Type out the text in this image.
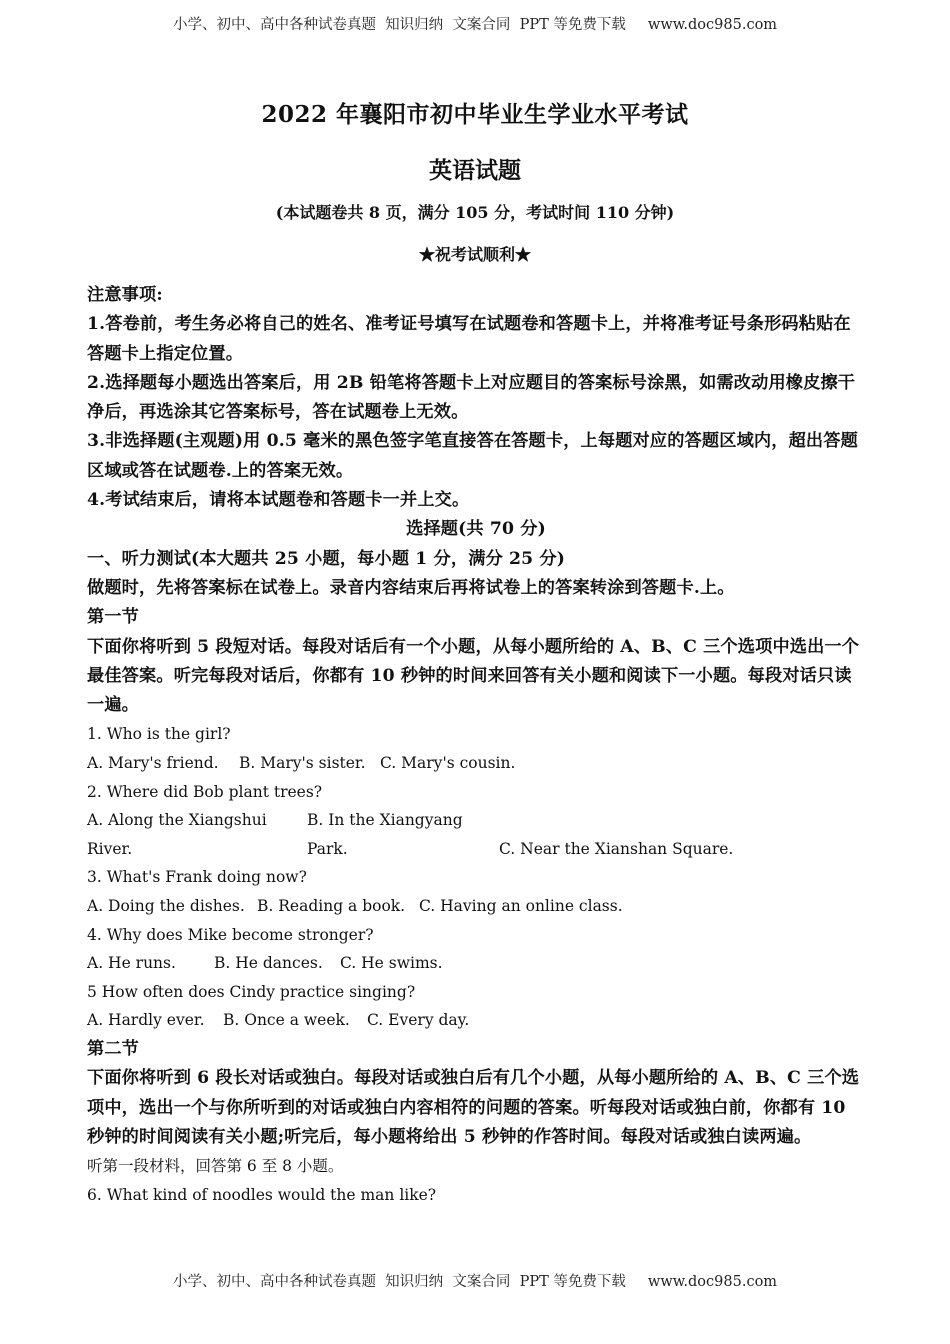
小学、初中、高中各种试卷真题  知识归纳  文案合同  PPT 等免费下载 www.doc985.com
2022 年襄阳市初中毕业生学业水平考试
英语试题
(本试题卷共 8 页，满分 105 分，考试时间 110 分钟)
★祝考试顺利★
注意事项:
1.答卷前，考生务必将自己的姓名、准考证号填写在试题卷和答题卡上，并将准考证号条形码粘贴在答题卡上指定位置。
2.选择题每小题选出答案后，用 2B 铅笔将答题卡上对应题目的答案标号涂黑，如需改动用橡皮擦干净后，再选涂其它答案标号，答在试题卷上无效。
3.非选择题(主观题)用 0.5 毫米的黑色签字笔直接答在答题卡，上每题对应的答题区域内，超出答题区域或答在试题卷.上的答案无效。
4.考试结束后，请将本试题卷和答题卡一并上交。
选择题(共 70 分)
一、听力测试(本大题共 25 小题，每小题 1 分，满分 25 分)
做题时，先将答案标在试卷上。录音内容结束后再将试卷上的答案转涂到答题卡.上。
第一节
下面你将听到 5 段短对话。每段对话后有一个小题，从每小题所给的 A、B、C 三个选项中选出一个最佳答案。听完每段对话后，你都有 10 秒钟的时间来回答有关小题和阅读下一小题。每段对话只读一遍。
1. Who is the girl?
A. Mary's friend. B. Mary's sister. C. Mary's cousin.
2. Where did Bob plant trees?
A. Along the Xiangshui River.B. In the Xiangyang Park.	C. Near the Xianshan Square.
3. What's Frank doing now?
A. Doing the dishes. B. Reading a book. C. Having an online class.
4. Why does Mike become stronger?
A. He runs. B. He dances. C. He swims.
5 How often does Cindy practice singing?
A. Hardly ever. B. Once a week. C. Every day.
第二节
下面你将听到 6 段长对话或独白。每段对话或独白后有几个小题，从每小题所给的 A、B、C 三个选项中，选出一个与你所听到的对话或独白内容相符的问题的答案。听每段对话或独白前，你都有 10 秒钟的时间阅读有关小题;听完后，每小题将给出 5 秒钟的作答时间。每段对话或独白读两遍。
听第一段材料，回答第 6 至 8 小题。
6. What kind of noodles would the man like?
小学、初中、高中各种试卷真题  知识归纳  文案合同  PPT 等免费下载 www.doc985.com
